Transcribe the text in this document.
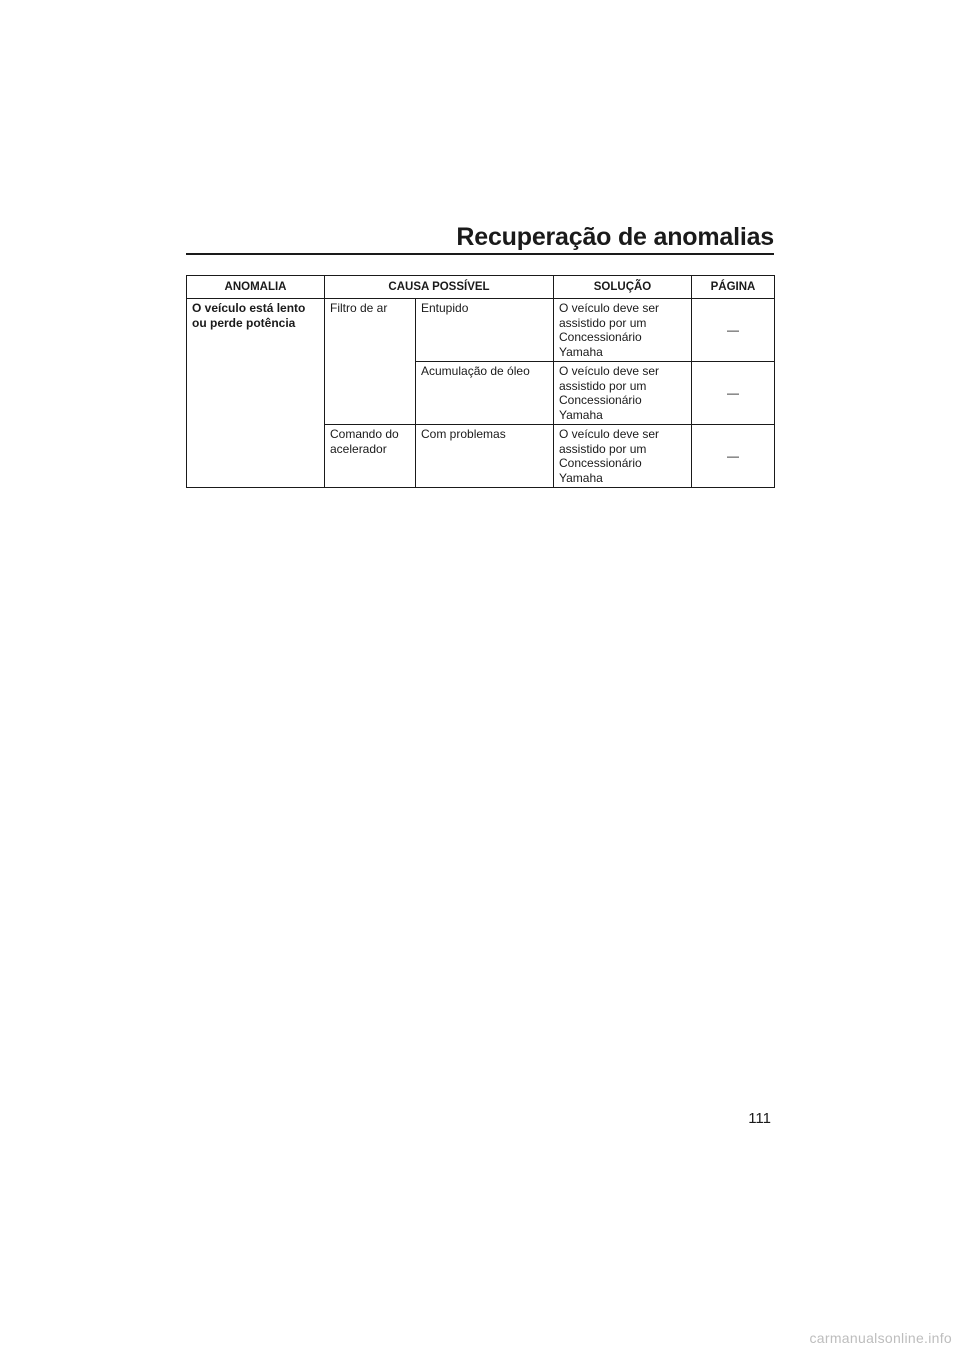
Recuperação de anomalias
ANOMALIA	CAUSA POSSÍVEL		SOLUÇÃO	PÁGINA
O veículo está lento ou perde potência	Filtro de ar	Entupido	O veículo deve ser assistido por um Concessionário Yamaha	—
		Acumulação de óleo	O veículo deve ser assistido por um Concessionário Yamaha	—
	Comando do acelerador	Com problemas	O veículo deve ser assistido por um Concessionário Yamaha	—
111
carmanualsonline.info
